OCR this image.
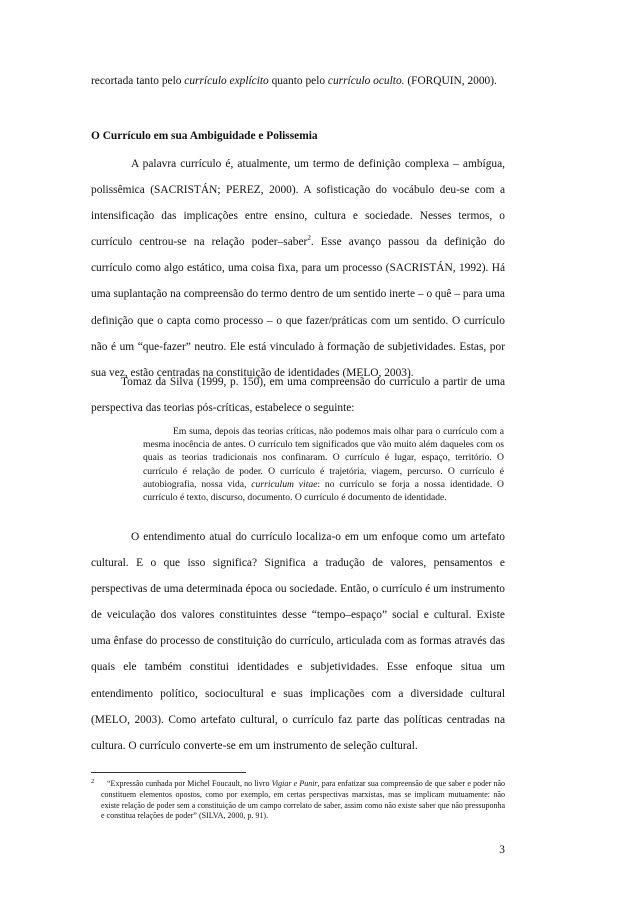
recortada tanto pelo currículo explícito quanto pelo currículo oculto. (FORQUIN, 2000).

O Currículo em sua Ambiguidade e Polissemia

A palavra currículo é, atualmente, um termo de definição complexa – ambígua, polissêmica (SACRISTÁN; PEREZ, 2000). A sofisticação do vocábulo deu-se com a intensificação das implicações entre ensino, cultura e sociedade. Nesses termos, o currículo centrou-se na relação poder–saber$^2$. Esse avanço passou da definição do currículo como algo estático, uma coisa fixa, para um processo (SACRISTÁN, 1992). Há uma suplantação na compreensão do termo dentro de um sentido inerte – o quê – para uma definição que o capta como processo – o que fazer/práticas com um sentido. O currículo não é um “que-fazer” neutro. Ele está vinculado à formação de subjetividades. Estas, por sua vez, estão centradas na constituição de identidades (MELO, 2003).

Tomaz da Silva (1999, p. 150), em uma compreensão do currículo a partir de uma perspectiva das teorias pós-críticas, estabelece o seguinte:

Em suma, depois das teorias críticas, não podemos mais olhar para o currículo com a mesma inocência de antes. O currículo tem significados que vão muito além daqueles com os quais as teorias tradicionais nos confinaram. O currículo é lugar, espaço, território. O currículo é relação de poder. O currículo é trajetória, viagem, percurso. O currículo é autobiografia, nossa vida, curriculum vitae: no currículo se forja a nossa identidade. O currículo é texto, discurso, documento. O currículo é documento de identidade.

O entendimento atual do currículo localiza-o em um enfoque como um artefato cultural. E o que isso significa? Significa a tradução de valores, pensamentos e perspectivas de uma determinada época ou sociedade. Então, o currículo é um instrumento de veiculação dos valores constituintes desse “tempo–espaço” social e cultural. Existe uma ênfase do processo de constituição do currículo, articulada com as formas através das quais ele também constitui identidades e subjetividades. Esse enfoque situa um entendimento político, sociocultural e suas implicações com a diversidade cultural (MELO, 2003). Como artefato cultural, o currículo faz parte das políticas centradas na cultura. O currículo converte-se em um instrumento de seleção cultural.

2	“Expressão cunhada por Michel Foucault, no livro Vigiar e Punir, para enfatizar sua compreensão de que saber e poder não constituem elementos opostos, como por exemplo, em certas perspectivas marxistas, mas se implicam mutuamente: não existe relação de poder sem a constituição de um campo correlato de saber, assim como não existe saber que não pressuponha e constitua relações de poder” (SILVA, 2000, p. 91).

3
